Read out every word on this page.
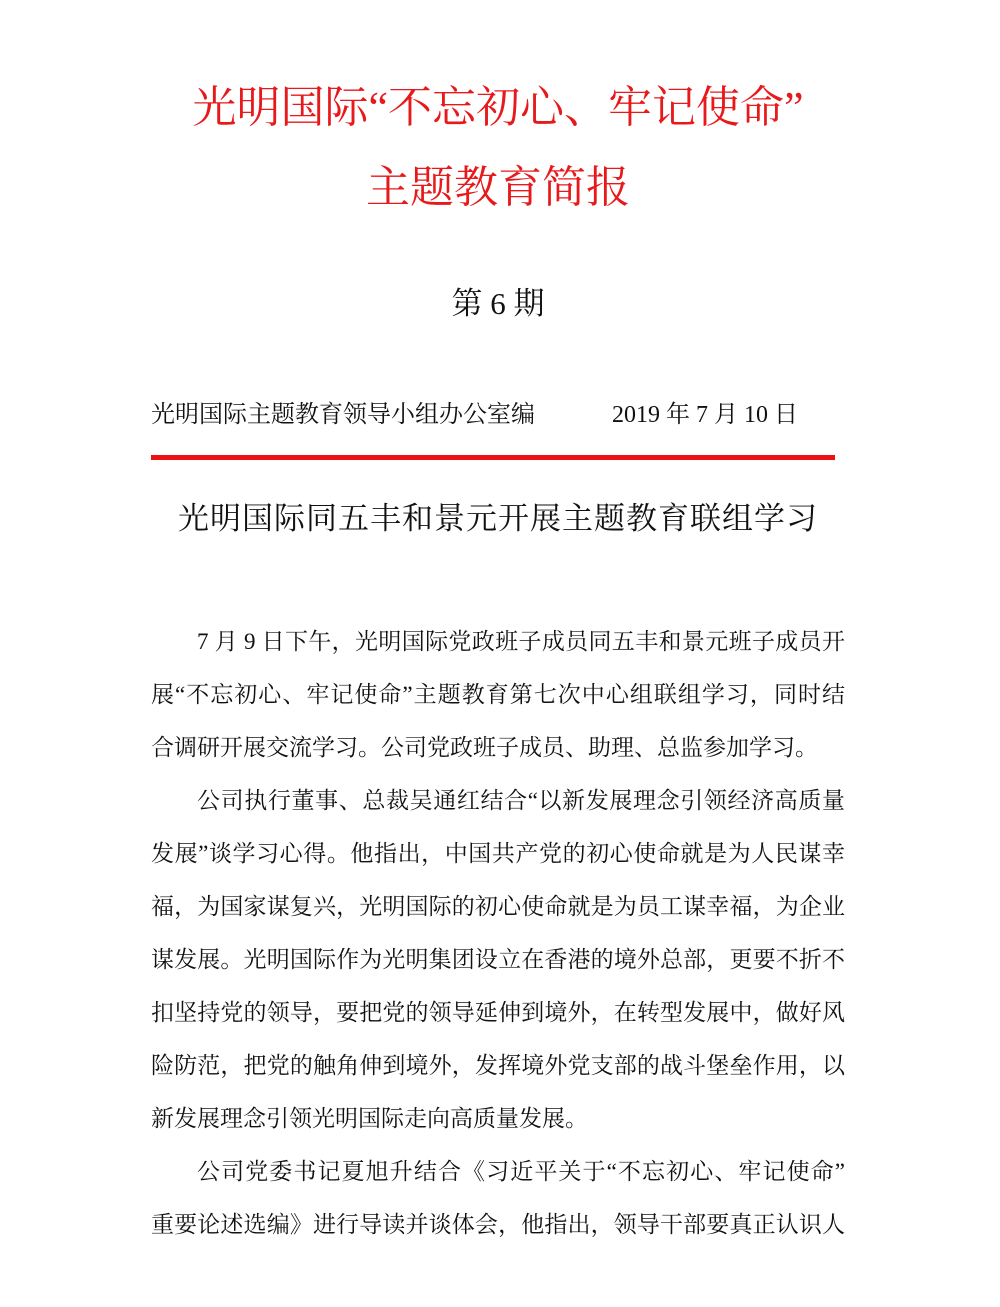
光明国际“不忘初心、牢记使命”
主题教育简报
第 6 期
光明国际主题教育领导小组办公室编	2019 年 7 月 10 日
光明国际同五丰和景元开展主题教育联组学习
7 月 9 日下午，光明国际党政班子成员同五丰和景元班子成员开
展“不忘初心、牢记使命”主题教育第七次中心组联组学习，同时结
合调研开展交流学习。公司党政班子成员、助理、总监参加学习。
公司执行董事、总裁吴通红结合“以新发展理念引领经济高质量
发展”谈学习心得。他指出，中国共产党的初心使命就是为人民谋幸
福，为国家谋复兴，光明国际的初心使命就是为员工谋幸福，为企业
谋发展。光明国际作为光明集团设立在香港的境外总部，更要不折不
扣坚持党的领导，要把党的领导延伸到境外，在转型发展中，做好风
险防范，把党的触角伸到境外，发挥境外党支部的战斗堡垒作用，以
新发展理念引领光明国际走向高质量发展。
公司党委书记夏旭升结合《习近平关于“不忘初心、牢记使命”
重要论述选编》进行导读并谈体会，他指出，领导干部要真正认识人
